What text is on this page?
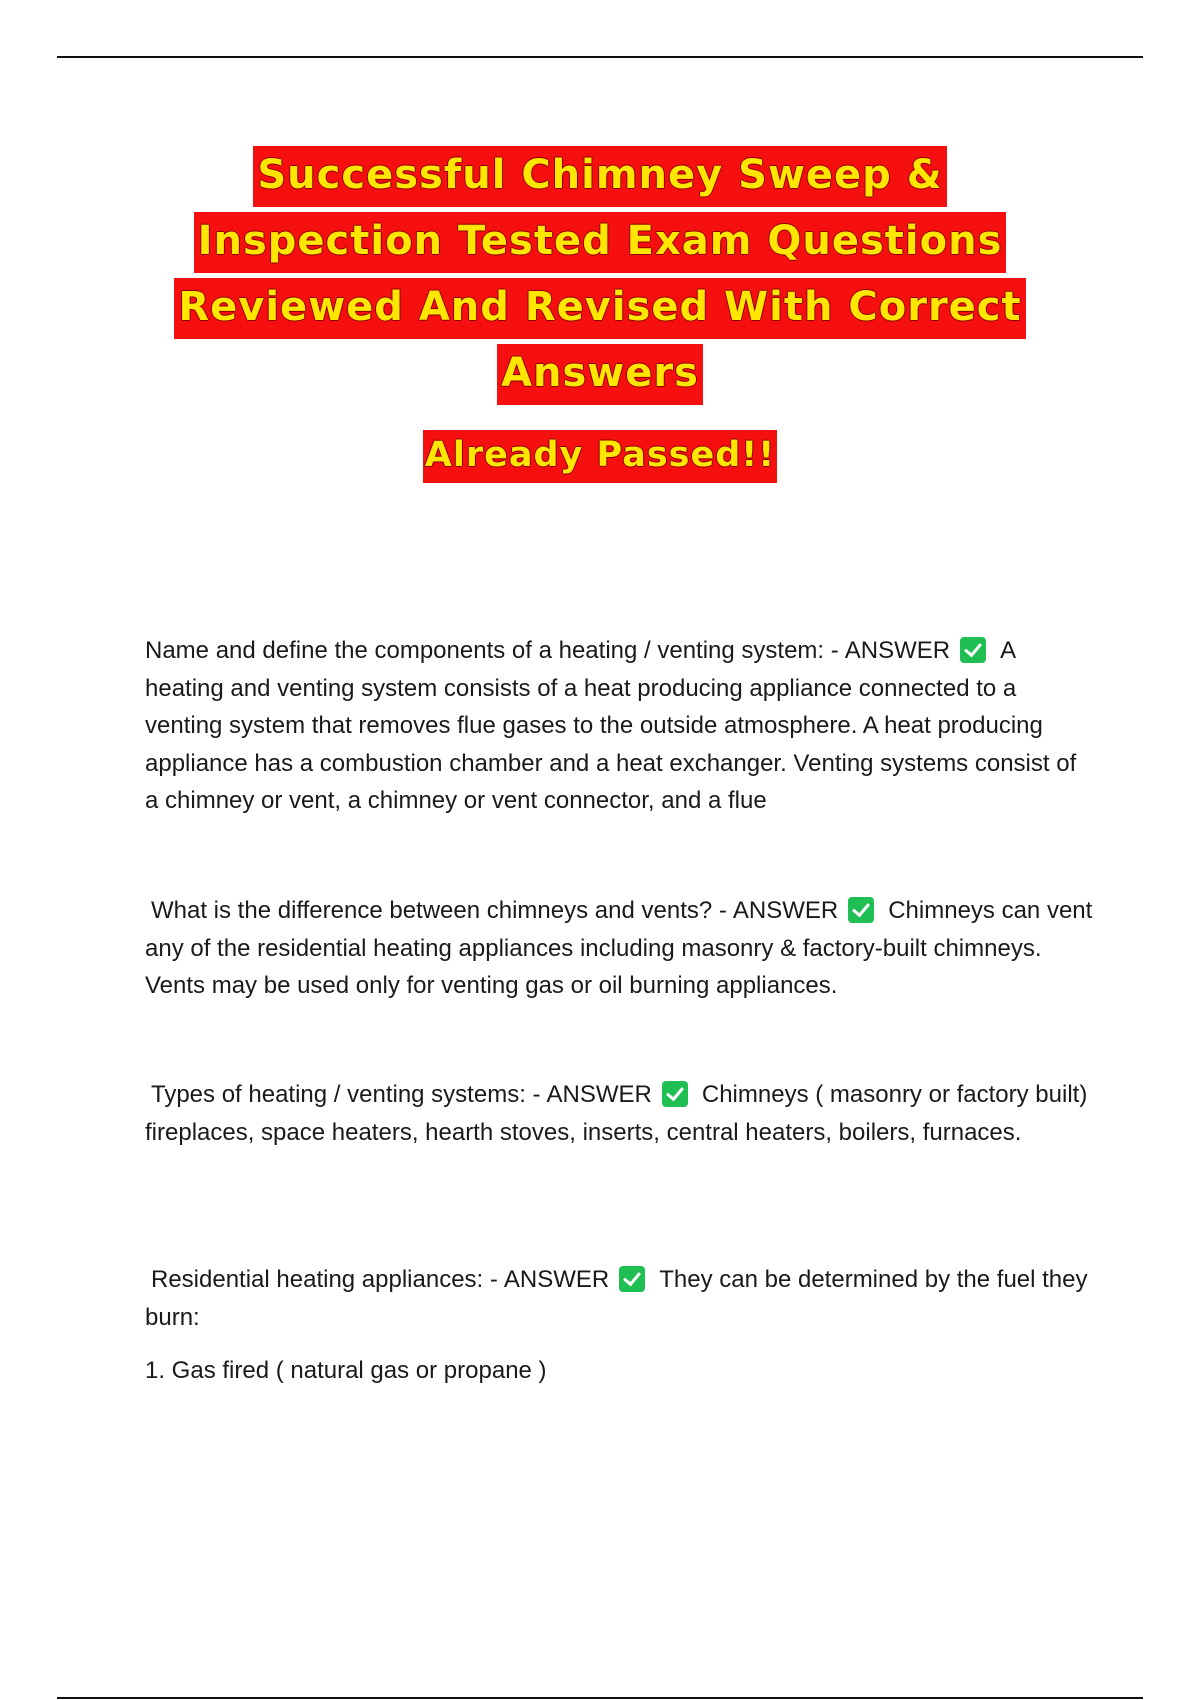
Successful Chimney Sweep &
Inspection Tested Exam Questions
Reviewed And Revised With Correct
Answers
Already Passed!!

Name and define the components of a heating / venting system: - ANSWER A heating and venting system consists of a heat producing appliance connected to a venting system that removes flue gases to the outside atmosphere. A heat producing appliance has a combustion chamber and a heat exchanger. Venting systems consist of a chimney or vent, a chimney or vent connector, and a flue

What is the difference between chimneys and vents? - ANSWER Chimneys can vent any of the residential heating appliances including masonry & factory-built chimneys. Vents may be used only for venting gas or oil burning appliances.

Types of heating / venting systems: - ANSWER Chimneys ( masonry or factory built) fireplaces, space heaters, hearth stoves, inserts, central heaters, boilers, furnaces.

Residential heating appliances: - ANSWER They can be determined by the fuel they burn:

1. Gas fired ( natural gas or propane )
